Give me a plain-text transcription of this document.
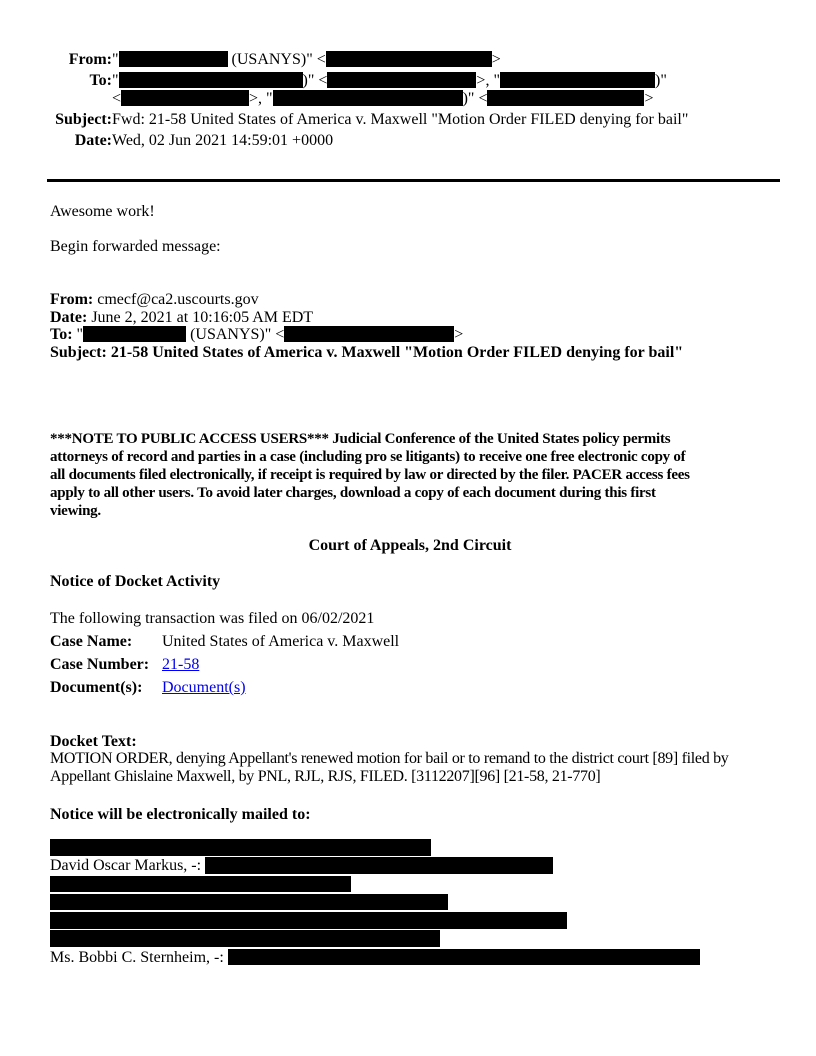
From:	" (USANYS)" < >

To:	" )" < >, " )"
< >, " )" < >

Subject:	Fwd: 21-58 United States of America v. Maxwell "Motion Order FILED denying for bail"

Date:	Wed, 02 Jun 2021 14:59:01 +0000
Awesome work!
Begin forwarded message:
From: cmecf@ca2.uscourts.gov
Date: June 2, 2021 at 10:16:05 AM EDT
To: "	(USANYS)" <	>
Subject: 21-58 United States of America v. Maxwell "Motion Order FILED denying for bail"
***NOTE TO PUBLIC ACCESS USERS*** Judicial Conference of the United States policy permits
attorneys of record and parties in a case (including pro se litigants) to receive one free electronic copy of
all documents filed electronically, if receipt is required by law or directed by the filer. PACER access fees
apply to all other users. To avoid later charges, download a copy of each document during this first
viewing.
Court of Appeals, 2nd Circuit
Notice of Docket Activity
The following transaction was filed on 06/02/2021
Case Name:	United States of America v. Maxwell
Case Number:	21-58
Document(s):	Document(s)
Docket Text:
MOTION ORDER, denying Appellant's renewed motion for bail or to remand to the district court [89] filed by
Appellant Ghislaine Maxwell, by PNL, RJL, RJS, FILED. [3112207][96] [21-58, 21-770]
Notice will be electronically mailed to:
David Oscar Markus, -:
Ms. Bobbi C. Sternheim, -:
